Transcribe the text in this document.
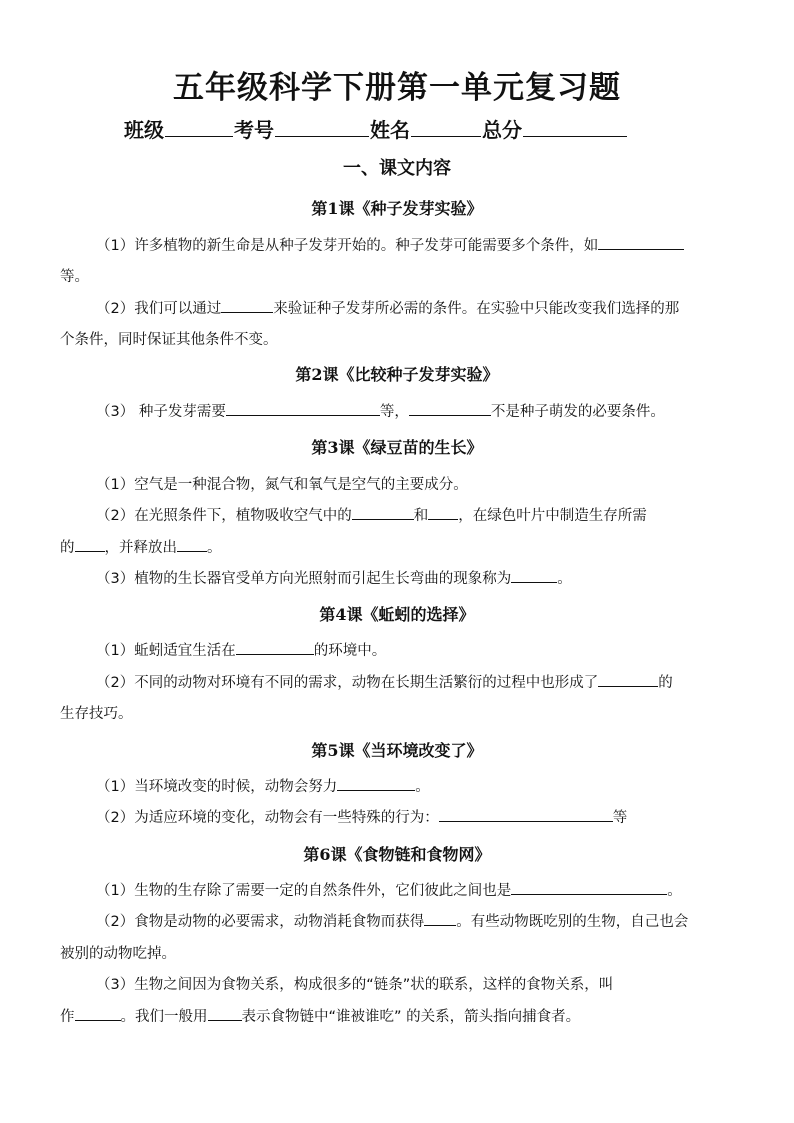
五年级科学下册第一单元复习题
班级	考号	姓名	总分
一、课文内容
第1课《种子发芽实验》
（1）许多植物的新生命是从种子发芽开始的。种子发芽可能需要多个条件，如
等。
（2）我们可以通过	来验证种子发芽所必需的条件。在实验中只能改变我们选择的那
个条件，同时保证其他条件不变。
第2课《比较种子发芽实验》
（3） 种子发芽需要	等，	不是种子萌发的必要条件。
第3课《绿豆苗的生长》
（1）空气是一种混合物，氮气和氧气是空气的主要成分。
（2）在光照条件下，植物吸收空气中的	和 ，在绿色叶片中制造生存所需
的 ，并释放出 。
（3）植物的生长器官受单方向光照射而引起生长弯曲的现象称为	。
第4课《蚯蚓的选择》
（1）蚯蚓适宜生活在	的环境中。
（2）不同的动物对环境有不同的需求，动物在长期生活繁衍的过程中也形成了	的
生存技巧。
第5课《当环境改变了》
（1）当环境改变的时候，动物会努力	。
（2）为适应环境的变化，动物会有一些特殊的行为：	等
第6课《食物链和食物网》
（1）生物的生存除了需要一定的自然条件外，它们彼此之间也是	。
（2）食物是动物的必要需求，动物消耗食物而获得 。有些动物既吃别的生物，自己也会
被别的动物吃掉。
（3）生物之间因为食物关系，构成很多的“链条”状的联系，这样的食物关系，叫
作	。我们一般用 表示食物链中“谁被谁吃” 的关系，箭头指向捕食者。
